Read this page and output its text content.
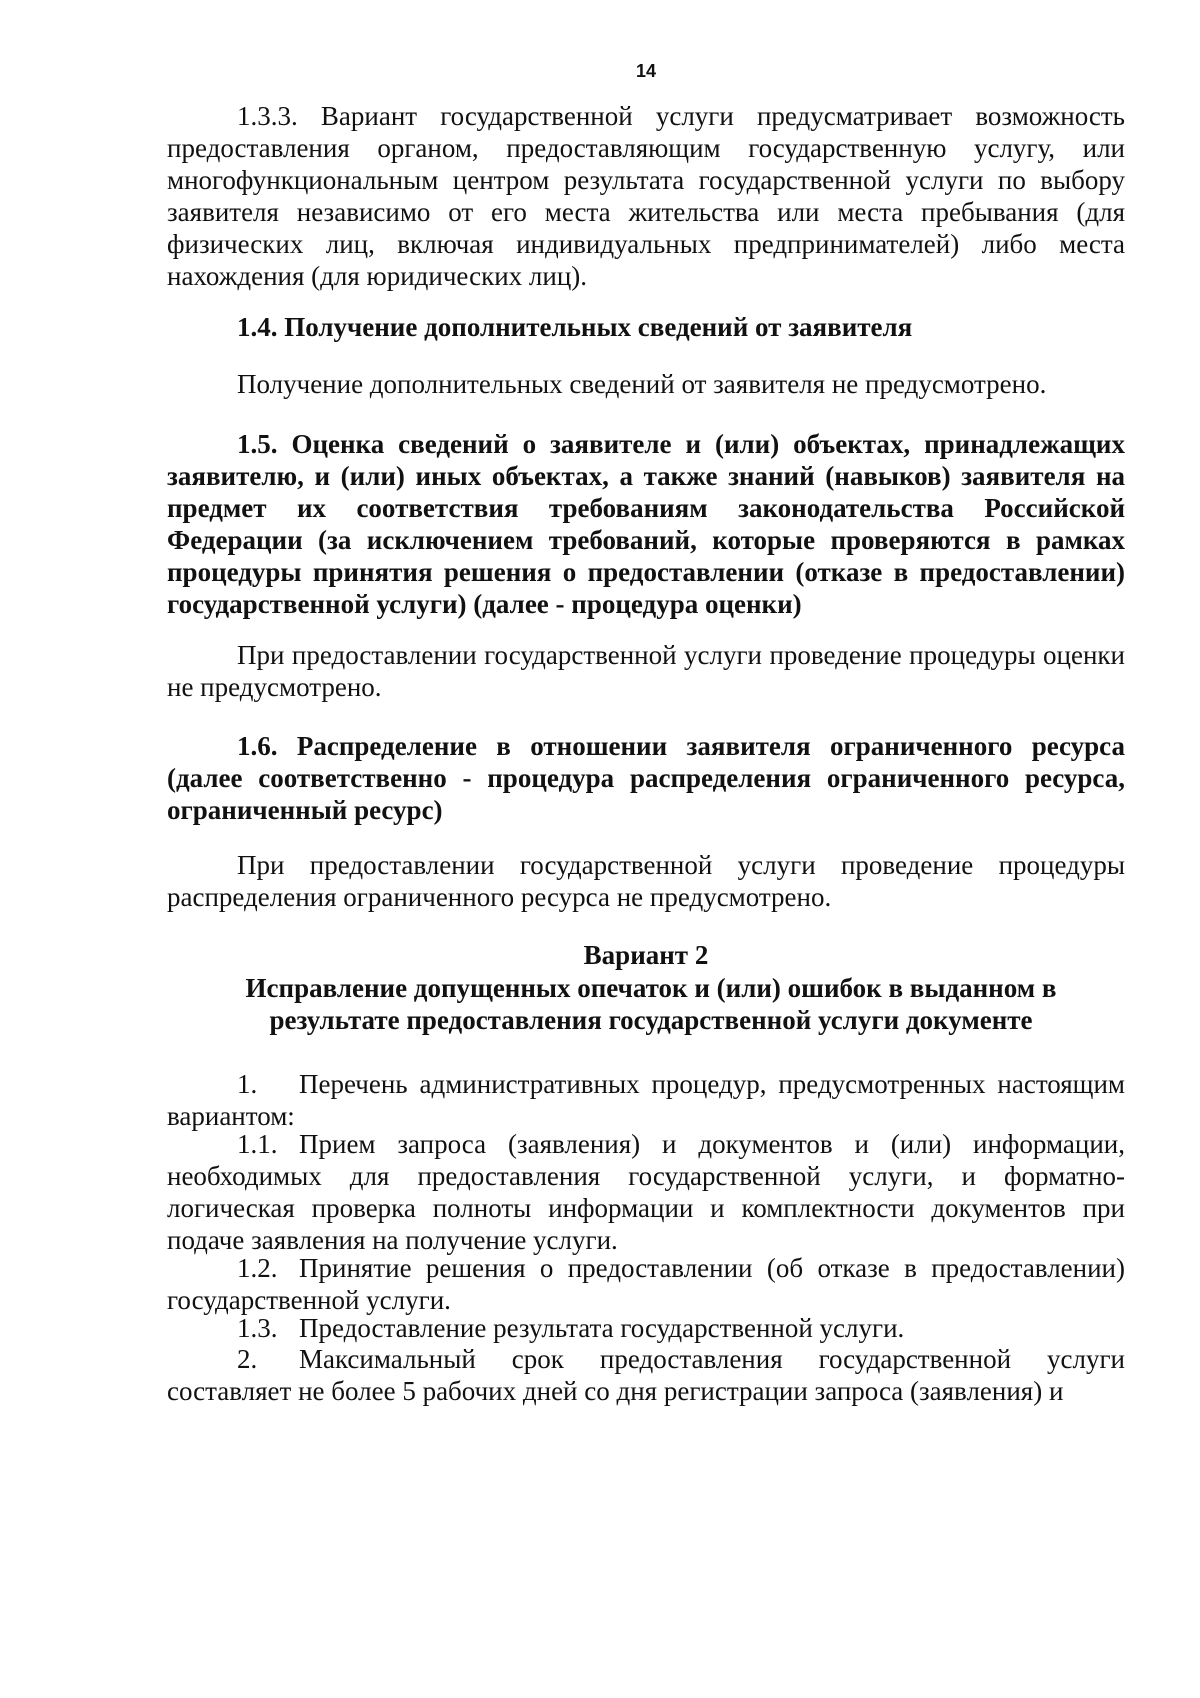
14

1.3.3. Вариант государственной услуги предусматривает возможность предоставления органом, предоставляющим государственную услугу, или многофункциональным центром результата государственной услуги по выбору заявителя независимо от его места жительства или места пребывания (для физических лиц, включая индивидуальных предпринимателей) либо места нахождения (для юридических лиц).

1.4. Получение дополнительных сведений от заявителя

Получение дополнительных сведений от заявителя не предусмотрено.

1.5. Оценка сведений о заявителе и (или) объектах, принадлежащих заявителю, и (или) иных объектах, а также знаний (навыков) заявителя на предмет их соответствия требованиям законодательства Российской Федерации (за исключением требований, которые проверяются в рамках процедуры принятия решения о предоставлении (отказе в предоставлении) государственной услуги) (далее - процедура оценки)

При предоставлении государственной услуги проведение процедуры оценки не предусмотрено.

1.6. Распределение в отношении заявителя ограниченного ресурса (далее соответственно - процедура распределения ограниченного ресурса, ограниченный ресурс)

При предоставлении государственной услуги проведение процедуры распределения ограниченного ресурса не предусмотрено.

Вариант 2

Исправление допущенных опечаток и (или) ошибок в выданном в результате предоставления государственной услуги документе

1. Перечень административных процедур, предусмотренных настоящим вариантом:

1.1. Прием запроса (заявления) и документов и (или) информации, необходимых для предоставления государственной услуги, и форматно-логическая проверка полноты информации и комплектности документов при подаче заявления на получение услуги.

1.2. Принятие решения о предоставлении (об отказе в предоставлении) государственной услуги.

1.3. Предоставление результата государственной услуги.

2. Максимальный срок предоставления государственной услуги составляет не более 5 рабочих дней со дня регистрации запроса (заявления) и
